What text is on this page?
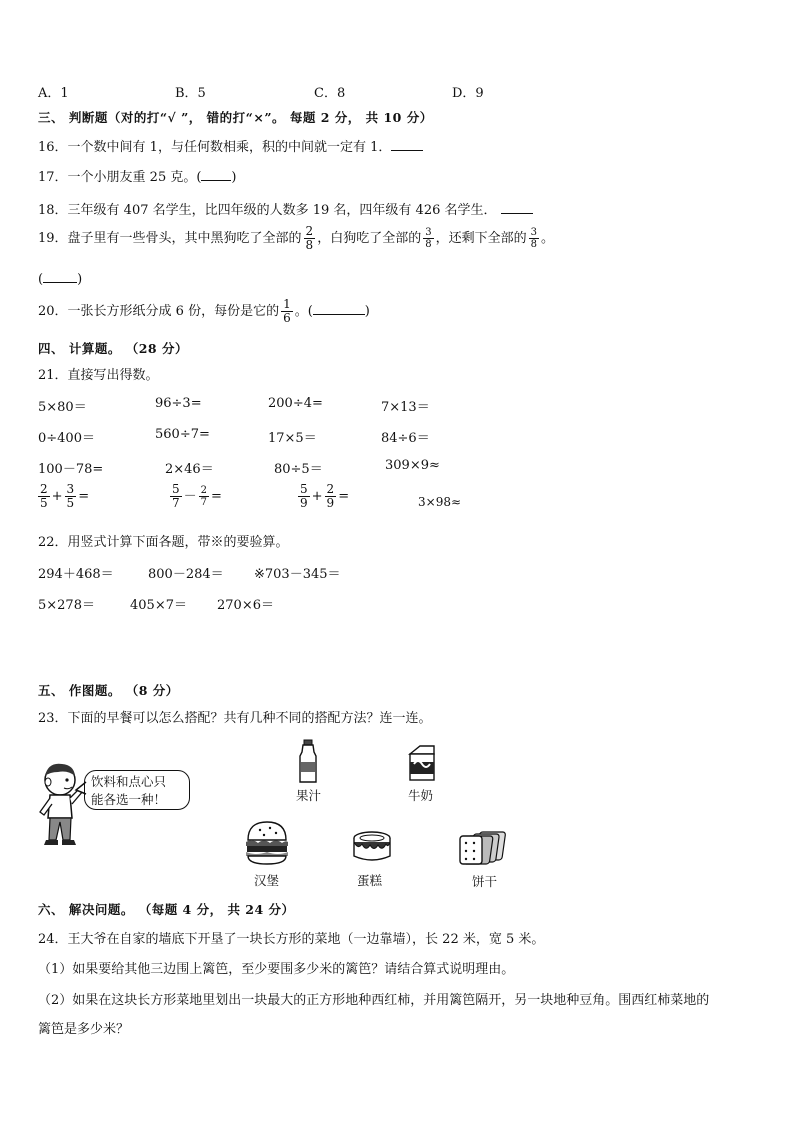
A．1	B．5	C．8	D．9
三、 判断题（对的打“√ ”， 错的打“×”。 每题 2 分， 共 10 分）
16．一个数中间有 1，与任何数相乘，积的中间就一定有 1．
17．一个小朋友重 25 克。( )
18．三年级有 407 名学生，比四年级的人数多 19 名，四年级有 426 名学生．
19．盘子里有一些骨头，其中黑狗吃了全部的 $\frac{2}{8}$ ，白狗吃了全部的 $\frac{3}{8}$ ，还剩下全部的 $\frac{3}{8}$ 。
(	)
20．一张长方形纸分成 6 份，每份是它的 $\frac{1}{6}$ 。(	)
四、 计算题。 （28 分）
21．直接写出得数。
5×80＝	96÷3=	200÷4=	7×13＝
0÷400＝	560÷7=	17×5＝	84÷6＝
100－78=	2×46＝	80÷5＝	309×9≈
$\frac{2}{5} + \frac{3}{5}$ =	$\frac{5}{7} - \frac{2}{7}$ =	$\frac{5}{9} + \frac{2}{9}$ =	3×98≈
22．用竖式计算下面各题，带※的要验算。
294＋468＝	800－284＝ ※703－345＝
5×278＝	405×7＝ 270×6＝
五、 作图题。 （8 分）
23．下面的早餐可以怎么搭配？共有几种不同的搭配方法？连一连。
饮料和点心只
能各选一种！	果汁	牛奶
汉堡	蛋糕	饼干
六、 解决问题。 （每题 4 分， 共 24 分）
24．王大爷在自家的墙底下开垦了一块长方形的菜地（一边靠墙），长 22 米，宽 5 米。
（1）如果要给其他三边围上篱笆，至少要围多少米的篱笆？请结合算式说明理由。
（2）如果在这块长方形菜地里划出一块最大的正方形地种西红柿，并用篱笆隔开，另一块地种豆角。围西红柿菜地的
篱笆是多少米？
